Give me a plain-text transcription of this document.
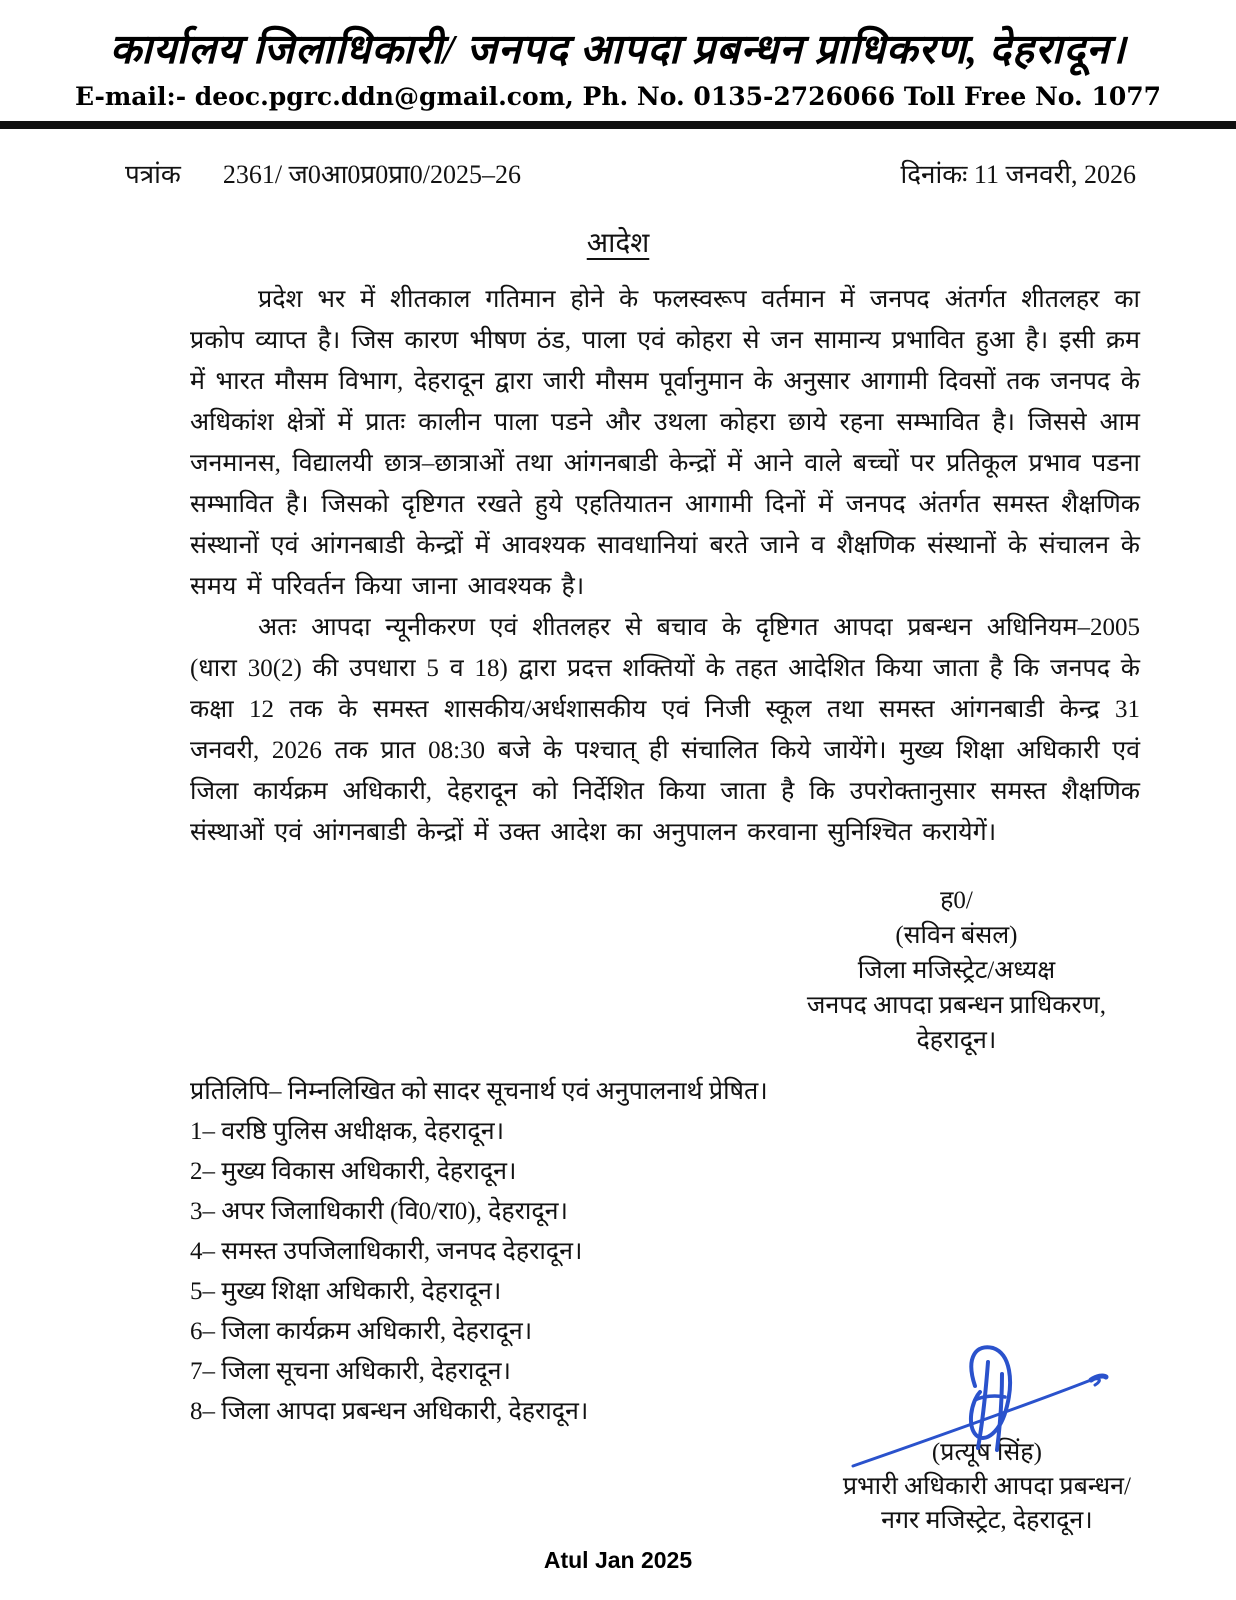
कार्यालय जिलाधिकारी/ जनपद आपदा प्रबन्धन प्राधिकरण, देहरादून।
E-mail:- deoc.pgrc.ddn@gmail.com, Ph. No. 0135-2726066 Toll Free No. 1077
पत्रांक 2361/ ज0आ0प्र0प्रा0/2025–26	दिनांकः 11 जनवरी, 2026
आदेश

प्रदेश भर में शीतकाल गतिमान होने के फलस्वरूप वर्तमान में जनपद अंतर्गत शीतलहर का प्रकोप व्याप्त है। जिस कारण भीषण ठंड, पाला एवं कोहरा से जन सामान्य प्रभावित हुआ है। इसी क्रम में भारत मौसम विभाग, देहरादून द्वारा जारी मौसम पूर्वानुमान के अनुसार आगामी दिवसों तक जनपद के अधिकांश क्षेत्रों में प्रातः कालीन पाला पडने और उथला कोहरा छाये रहना सम्भावित है। जिससे आम जनमानस, विद्यालयी छात्र–छात्राओं तथा आंगनबाडी केन्द्रों में आने वाले बच्चों पर प्रतिकूल प्रभाव पडना सम्भावित है। जिसको दृष्टिगत रखते हुये एहतियातन आगामी दिनों में जनपद अंतर्गत समस्त शैक्षणिक संस्थानों एवं आंगनबाडी केन्द्रों में आवश्यक सावधानियां बरते जाने व शैक्षणिक संस्थानों के संचालन के समय में परिवर्तन किया जाना आवश्यक है।

अतः आपदा न्यूनीकरण एवं शीतलहर से बचाव के दृष्टिगत आपदा प्रबन्धन अधिनियम–2005 (धारा 30(2) की उपधारा 5 व 18) द्वारा प्रदत्त शक्तियों के तहत आदेशित किया जाता है कि जनपद के कक्षा 12 तक के समस्त शासकीय/अर्धशासकीय एवं निजी स्कूल तथा समस्त आंगनबाडी केन्द्र 31 जनवरी, 2026 तक प्रात 08:30 बजे के पश्चात् ही संचालित किये जायेंगे। मुख्य शिक्षा अधिकारी एवं जिला कार्यक्रम अधिकारी, देहरादून को निर्देशित किया जाता है कि उपरोक्तानुसार समस्त शैक्षणिक संस्थाओं एवं आंगनबाडी केन्द्रों में उक्त आदेश का अनुपालन करवाना सुनिश्चित करायेगें।

ह0/
(सविन बंसल)
जिला मजिस्ट्रेट/अध्यक्ष
जनपद आपदा प्रबन्धन प्राधिकरण,
देहरादून।
प्रतिलिपि– निम्नलिखित को सादर सूचनार्थ एवं अनुपालनार्थ प्रेषित।
1– वरष्ठि पुलिस अधीक्षक, देहरादून।
2– मुख्य विकास अधिकारी, देहरादून।
3– अपर जिलाधिकारी (वि0/रा0), देहरादून।
4– समस्त उपजिलाधिकारी, जनपद देहरादून।
5– मुख्य शिक्षा अधिकारी, देहरादून।
6– जिला कार्यक्रम अधिकारी, देहरादून।
7– जिला सूचना अधिकारी, देहरादून।
8– जिला आपदा प्रबन्धन अधिकारी, देहरादून।
(प्रत्यूष सिंह)
प्रभारी अधिकारी आपदा प्रबन्धन/
नगर मजिस्ट्रेट, देहरादून।
Atul Jan 2025
